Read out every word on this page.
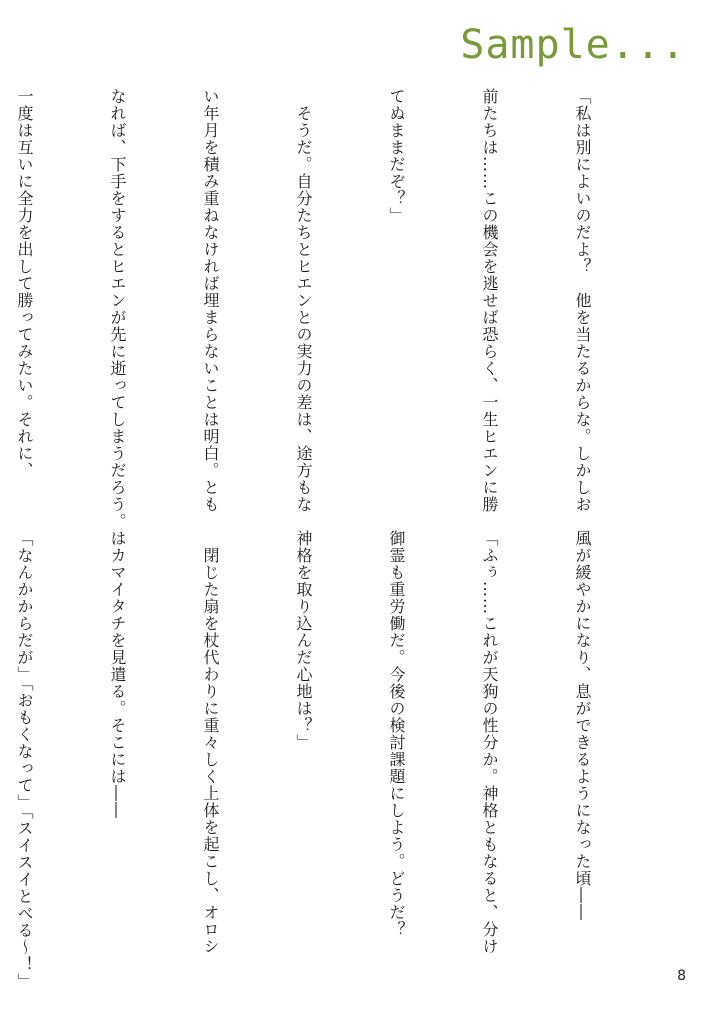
Sample...

「私は別によいのだよ？　他を当たるからな。しかしお

前たちは……この機会を逃せば恐らく、一生ヒエンに勝

てぬままだぞ？」

　そうだ。自分たちとヒエンとの実力の差は、途方もな

い年月を積み重ねなければ埋まらないことは明白。とも

なれば、下手をするとヒエンが先に逝ってしまうだろう。

一度は互いに全力を出して勝ってみたい。それに、

風が緩やかになり、息ができるようになった頃――

「ふぅ……これが天狗の性分か。神格ともなると、分け

御霊も重労働だ。今後の検討課題にしよう。どうだ？

神格を取り込んだ心地は？」

　閉じた扇を杖代わりに重々しく上体を起こし、オロシ

はカマイタチを見遣る。そこには――

「なんかからだが」「おもくなって」「スイスイとべる～！」

	8
